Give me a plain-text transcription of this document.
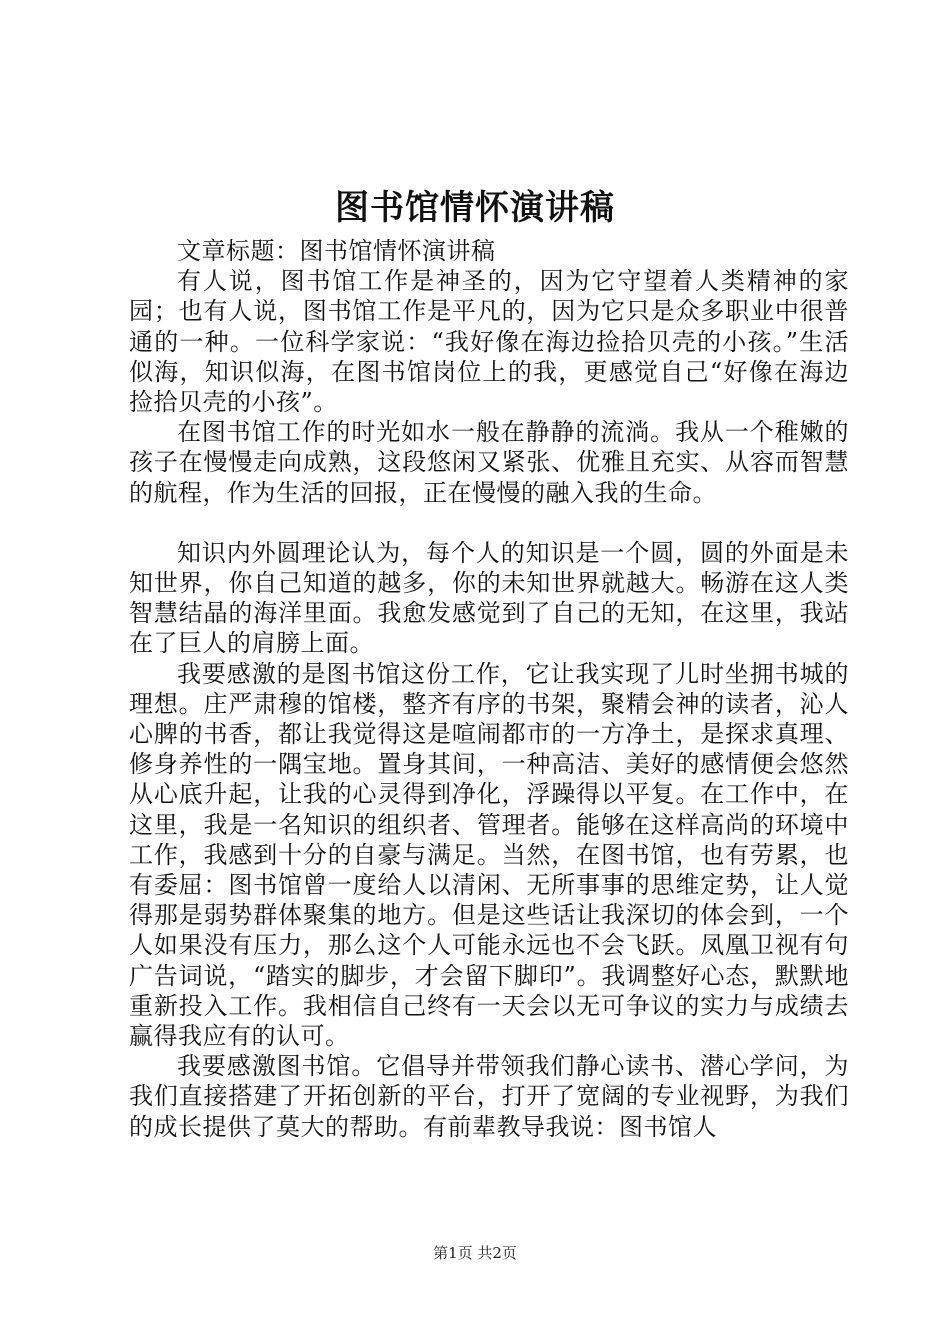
图书馆情怀演讲稿

文章标题：图书馆情怀演讲稿

有人说，图书馆工作是神圣的，因为它守望着人类精神的家园；也有人说，图书馆工作是平凡的，因为它只是众多职业中很普通的一种。一位科学家说：“我好像在海边捡拾贝壳的小孩。”生活似海，知识似海，在图书馆岗位上的我，更感觉自己“好像在海边捡拾贝壳的小孩”。

在图书馆工作的时光如水一般在静静的流淌。我从一个稚嫩的孩子在慢慢走向成熟，这段悠闲又紧张、优雅且充实、从容而智慧的航程，作为生活的回报，正在慢慢的融入我的生命。

知识内外圆理论认为，每个人的知识是一个圆，圆的外面是未知世界，你自己知道的越多，你的未知世界就越大。畅游在这人类智慧结晶的海洋里面。我愈发感觉到了自己的无知，在这里，我站在了巨人的肩膀上面。

我要感激的是图书馆这份工作，它让我实现了儿时坐拥书城的理想。庄严肃穆的馆楼，整齐有序的书架，聚精会神的读者，沁人心脾的书香，都让我觉得这是喧闹都市的一方净土，是探求真理、修身养性的一隅宝地。置身其间，一种高洁、美好的感情便会悠然从心底升起，让我的心灵得到净化，浮躁得以平复。在工作中，在这里，我是一名知识的组织者、管理者。能够在这样高尚的环境中工作，我感到十分的自豪与满足。当然，在图书馆，也有劳累，也有委屈：图书馆曾一度给人以清闲、无所事事的思维定势，让人觉得那是弱势群体聚集的地方。但是这些话让我深切的体会到，一个人如果没有压力，那么这个人可能永远也不会飞跃。凤凰卫视有句广告词说，“踏实的脚步，才会留下脚印”。我调整好心态，默默地重新投入工作。我相信自己终有一天会以无可争议的实力与成绩去赢得我应有的认可。

我要感激图书馆。它倡导并带领我们静心读书、潜心学问，为我们直接搭建了开拓创新的平台，打开了宽阔的专业视野，为我们的成长提供了莫大的帮助。有前辈教导我说：图书馆人

第1页 共2页
